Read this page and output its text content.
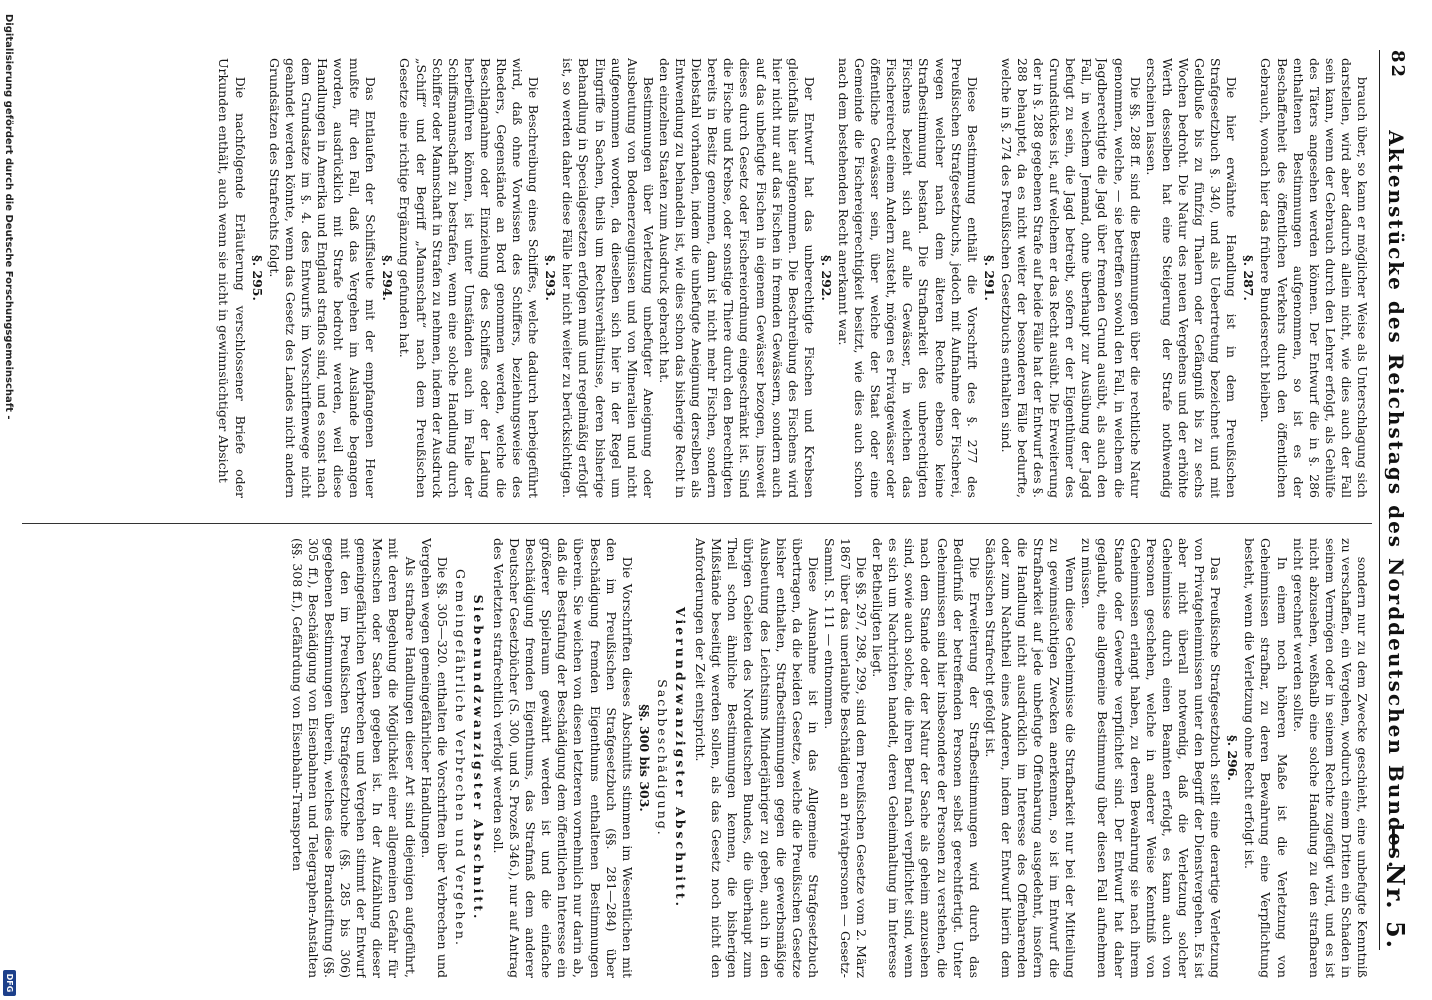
82
Aktenstücke des Reichstags des Norddeutschen Bundes.
— Nr. 5.

brauch über, so kann er möglicher Weise als Unterschlagung sich darstellen, wird aber dadurch allein nicht, wie dies auch der Fall sein kann, wenn der Gebrauch durch den Lehrer erfolgt, als Gehülfe des Täters angesehen werden können. Der Entwurf die in §. 286 enthaltenen Bestimmungen aufgenommen, so ist es der Beschaffenheit des öffentlichen Verkehrs durch den öffentlichen Gebrauch, wonach hier das frühere Bundesrecht bleiben.

§. 287.

Die hier erwähnte Handlung ist in dem Preußischen Strafgesetzbuch §. 340, und als Uebertretung bezeichnet und mit Geldbuße bis zu fünfzig Thalern oder Gefängniß bis zu sechs Wochen bedroht. Die Natur des neuen Vergehens und der erhöhte Werth desselben hat eine Steigerung der Strafe nothwendig erscheinen lassen.

Die §§. 288 ff. sind die Bestimmungen über die rechtliche Natur genommen, welche, — sie betreffen sowohl den Fall, in welchem die Jagdberechtigte die Jagd über fremden Grund ausübt, als auch den Fall, in welchem Jemand, ohne überhaupt zur Ausübung der Jagd befugt zu sein, die Jagd betreibt, sofern er der Eigenthümer des Grundstückes ist, auf welchem er das Recht ausübt. Die Erweiterung der in §. 288 gegebenen Strafe auf beide Fälle hat der Entwurf des §. 288 behauptet, da es nicht weiter der besonderen Fälle bedurfte, welche in §. 274 des Preußischen Gesetzbuchs enthalten sind.

§. 291.

Diese Bestimmung enthält die Vorschrift des §. 277 des Preußischen Strafgesetzbuchs, jedoch mit Aufnahme der Fischerei, wegen welcher nach dem älteren Rechte ebenso keine Strafbestimmung bestand. Die Strafbarkeit des unberechtigten Fischens bezieht sich auf alle Gewässer, in welchen das Fischereirecht einem Andern zusteht, mögen es Privatgewässer oder öffentliche Gewässer sein, über welche der Staat oder eine Gemeinde die Fischereigerechtigkeit besitzt, wie dies auch schon nach dem bestehenden Recht anerkannt war.

§. 292.

Der Entwurf hat das unberechtigte Fischen und Krebsen gleichfalls hier aufgenommen. Die Beschreibung des Fischens wird hier nicht nur auf das Fischen in fremden Gewässern, sondern auch auf das unbefugte Fischen in eigenem Gewässer bezogen, insoweit dieses durch Gesetz oder Fischereiordnung eingeschränkt ist. Sind die Fische und Krebse, oder sonstige Thiere durch den Berechtigten bereits in Besitz genommen, dann ist nicht mehr Fischen, sondern Diebstahl vorhanden, indem die unbefugte Aneignung derselben als Entwendung zu behandeln ist, wie dies schon das bisherige Recht in den einzelnen Staaten zum Ausdruck gebracht hat.

Bestimmungen über Verletzung unbefugter Aneignung oder Ausbeutung von Bodenerzeugnissen und von Mineralien und nicht aufgenommen worden, da dieselben sich hier in der Regel um Eingriffe in Sachen, theils um Rechtsverhältnisse, deren bisherige Behandlung in Specialgesetzen erfolgen muß und regelmäßig erfolgt ist, so werden daher diese Fälle hier nicht weiter zu berücksichtigen.

§. 293.

Die Beschreibung eines Schiffes, welche dadurch herbeigeführt wird, daß ohne Vorwissen des Schiffers, beziehungsweise des Rheders, Gegenstände an Bord genommen werden, welche die Beschlagnahme oder Einziehung des Schiffes oder der Ladung herbeiführen können, ist unter Umständen auch im Falle der Schiffsmannschaft zu bestrafen, wenn eine solche Handlung durch Schiffer oder Mannschaft in Strafen zu nehmen, indem der Ausdruck „Schiff“ und der Begriff „Mannschaft“ nach dem Preußischen Gesetze eine richtige Ergänzung gefunden hat.

§. 294.

Das Entlaufen der Schiffsleute mit der empfangenen Heuer mußte für den Fall, daß das Vergehen im Auslande begangen worden, ausdrücklich mit Strafe bedroht werden, weil diese Handlungen in Amerika und England straflos sind, und es sonst nach dem Grundsatze im §. 4. des Entwurfs im Vorschriftenwege nicht geahndet werden könnte, wenn das Gesetz des Landes nicht andern Grundsätzen des Strafrechts folgt.

§. 295.

Die nachfolgende Erläuterung verschlossener Briefe oder Urkunden enthält, auch wenn sie nicht in gewinnsüchtiger Absicht

sondern nur zu dem Zwecke geschieht, eine unbefugte Kenntniß zu verschaffen, ein Vergehen, wodurch einem Dritten ein Schaden in seinem Vermögen oder in seinem Rechte zugefügt wird, und es ist nicht abzusehen, weßhalb eine solche Handlung zu den strafbaren nicht gerechnet werden sollte.

In einem noch höheren Maße ist die Verletzung von Geheimnissen strafbar, zu deren Bewahrung eine Verpflichtung besteht, wenn die Verletzung ohne Recht erfolgt ist.

§. 296.

Das Preußische Strafgesetzbuch stellt eine derartige Verletzung von Privatgeheimnissen unter den Begriff der Dienstvergehen. Es ist aber nicht überall notwendig, daß die Verletzung solcher Geheimnisse durch einen Beamten erfolgt, es kann auch von Personen geschehen, welche in anderer Weise Kenntniß von Geheimnissen erlangt haben, zu deren Bewahrung sie nach ihrem Stande oder Gewerbe verpflichtet sind. Der Entwurf hat daher geglaubt, eine allgemeine Bestimmung über diesen Fall aufnehmen zu müssen.

Wenn diese Geheimnisse die Strafbarkeit nur bei der Mitteilung zu gewinnsüchtigen Zwecken anerkennen, so ist im Entwurf die Strafbarkeit auf jede unbefugte Offenbarung ausgedehnt, insofern die Handlung nicht ausdrücklich im Interesse des Offenbarenden oder zum Nachtheil eines Anderen, indem der Entwurf hierin dem Sächsischen Strafrecht gefolgt ist.

Die Erweiterung der Strafbestimmungen wird durch das Bedürfniß der betreffenden Personen selbst gerechtfertigt. Unter Geheimnissen sind hier insbesondere der Personen zu verstehen, die nach dem Stande oder der Natur der Sache als geheim anzusehen sind, sowie auch solche, die ihren Beruf nach verpflichtet sind, wenn es sich um Nachrichten handelt, deren Geheimhaltung im Interesse der Betheiligten liegt.

Die §§. 297, 298, 299, sind dem Preußischen Gesetze vom 2. März 1867 über das unerlaubte Beschädigen an Privatpersonen — Gesetz-Samml. S. 111 — entnommen.

Diese Ausnahme ist in das Allgemeine Strafgesetzbuch übertragen, da die beiden Gesetze, welche die Preußischen Gesetze bisher enthalten, Strafbestimmungen gegen die gewerbsmäßige Ausbeutung des Leichtsinns Minderjähriger zu geben, auch in den übrigen Gebieten des Norddeutschen Bundes, die überhaupt zum Theil schon ähnliche Bestimmungen kennen, die bisherigen Mißstände beseitigt werden sollen, als das Gesetz noch nicht den Anforderungen der Zeit entspricht.

Vierundzwanzigster Abschnitt.

Sachbeschädigung.

§§. 300 bis 303.

Die Vorschriften dieses Abschnitts stimmen im Wesentlichen mit den im Preußischen Strafgesetzbuch (§§. 281—284) über Beschädigung fremden Eigenthums enthaltenen Bestimmungen überein. Sie weichen von diesen letzteren vornehmlich nur darin ab, daß die Bestrafung der Beschädigung dem öffentlichen Interesse ein größerer Spielraum gewährt werden ist und die einfache Beschädigung fremden Eigenthums, das Strafmaß dem anderer Deutscher Gesetzbücher (S. 300, und S. Prozeß 346.), nur auf Antrag des Verletzten strafrechtlich verfolgt werden soll.

Siebenundzwanzigster Abschnitt.

Gemeingefährliche Verbrechen und Vergehen.

Die §§. 305—320. enthalten die Vorschriften über Verbrechen und Vergehen wegen gemeingefährlicher Handlungen.

Als strafbare Handlungen dieser Art sind diejenigen aufgeführt, mit deren Begehung die Möglichkeit einer allgemeinen Gefahr für Menschen oder Sachen gegeben ist. In der Aufzählung dieser gemeingefährlichen Verbrechen und Vergehen stimmt der Entwurf mit den im Preußischen Strafgesetzbuche (§§. 285 bis 306) gegebenen Bestimmungen überein, welches diese Brandstiftung (§§. 305 ff.), Beschädigung von Eisenbahnen und Telegraphen-Anstalten (§§. 308 ff.), Gefährdung von Eisenbahn-Transporten

Digitalisierung gefördert durch die Deutsche Forschungsgemeinschaft -
DFG
